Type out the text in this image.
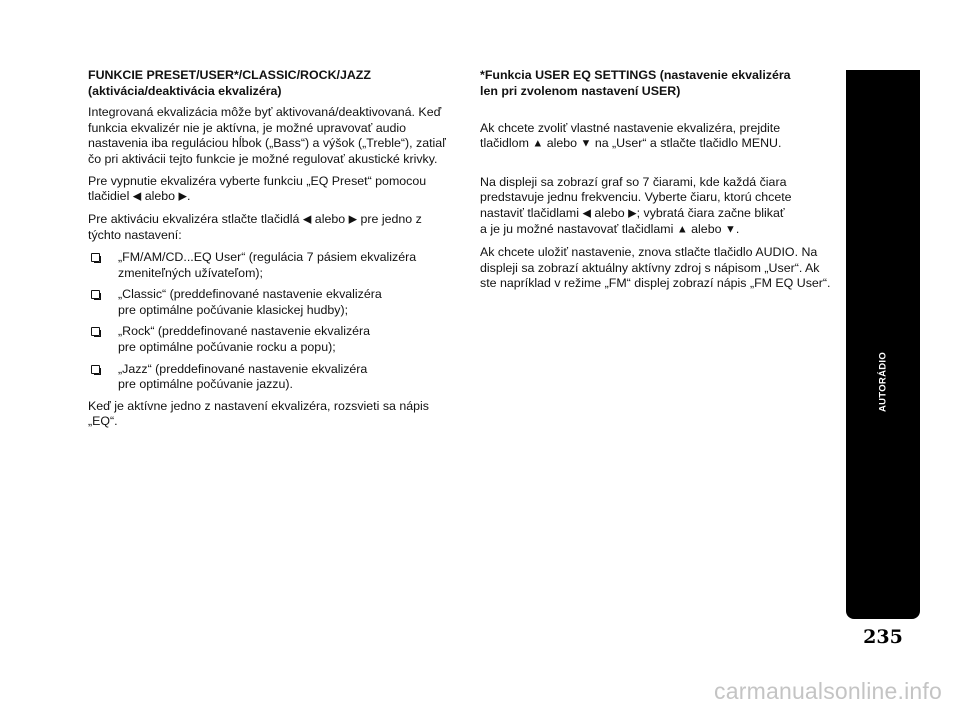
FUNKCIE PRESET/USER*/CLASSIC/ROCK/JAZZ
(aktivácia/deaktivácia ekvalizéra)

Integrovaná ekvalizácia môže byť aktivovaná/deaktivovaná. Keď funkcia ekvalizér nie je aktívna, je možné upravovať audio nastavenia iba reguláciou hĺbok („Bass“) a výšok („Treble“), zatiaľ čo pri aktivácii tejto funkcie je možné regulovať akustické krivky.

Pre vypnutie ekvalizéra vyberte funkciu „EQ Preset“ pomocou tlačidiel ◀ alebo ▶.

Pre aktiváciu ekvalizéra stlačte tlačidlá ◀ alebo ▶ pre jedno z týchto nastavení:

„FM/AM/CD...EQ User“ (regulácia 7 pásiem ekvalizéra
zmeniteľných užívateľom);
„Classic“ (preddefinované nastavenie ekvalizéra
pre optimálne počúvanie klasickej hudby);
„Rock“ (preddefinované nastavenie ekvalizéra
pre optimálne počúvanie rocku a popu);
„Jazz“ (preddefinované nastavenie ekvalizéra
pre optimálne počúvanie jazzu).

Keď je aktívne jedno z nastavení ekvalizéra, rozsvieti sa nápis „EQ“.

*Funkcia USER EQ SETTINGS (nastavenie ekvalizéra
len pri zvolenom nastavení USER)

Ak chcete zvoliť vlastné nastavenie ekvalizéra, prejdite
tlačidlom ▲ alebo ▼ na „User“ a stlačte tlačidlo MENU.

Na displeji sa zobrazí graf so 7 čiarami, kde každá čiara predstavuje jednu frekvenciu. Vyberte čiaru, ktorú chcete nastaviť tlačidlami ◀ alebo ▶; vybratá čiara začne blikať
a je ju možné nastavovať tlačidlami ▲ alebo ▼.

Ak chcete uložiť nastavenie, znova stlačte tlačidlo AUDIO. Na displeji sa zobrazí aktuálny aktívny zdroj s nápisom „User“. Ak ste napríklad v režime „FM“ displej zobrazí nápis „FM EQ User“.

AUTORÁDIO
235
carmanualsonline.info
